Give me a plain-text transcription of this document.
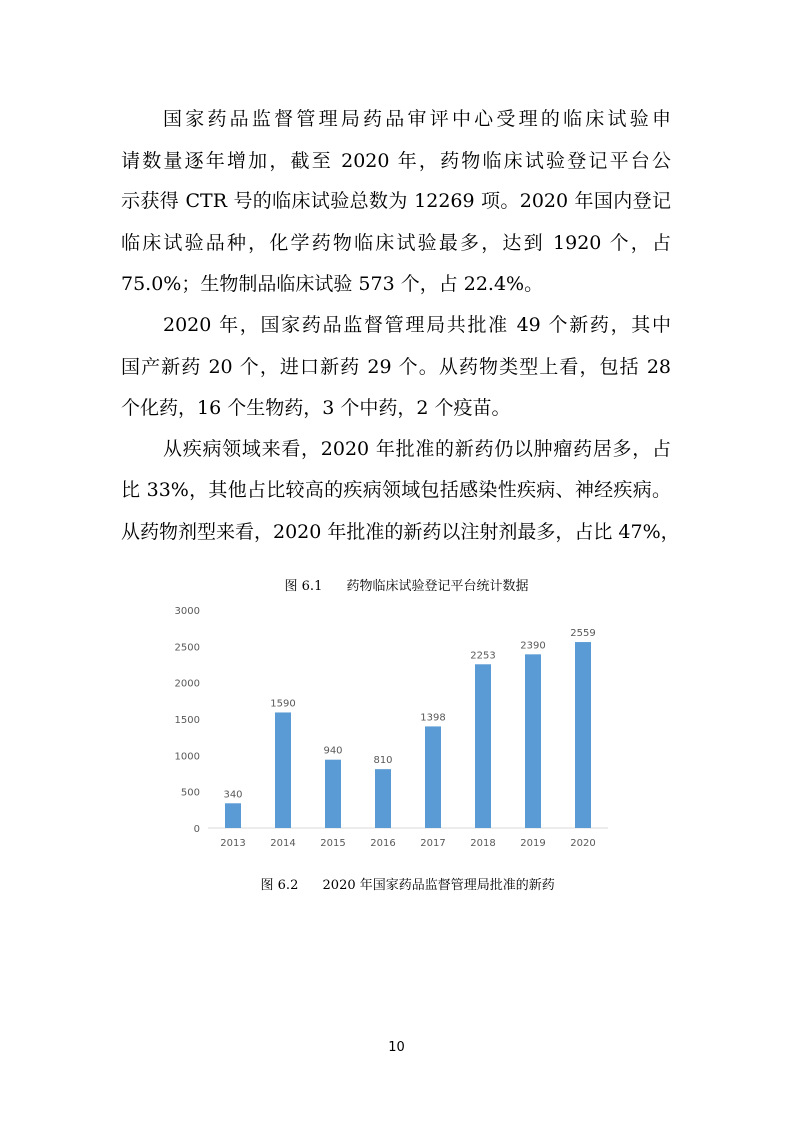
国家药品监督管理局药品审评中心受理的临床试验申
请数量逐年增加，截至 2020 年，药物临床试验登记平台公
示获得 CTR 号的临床试验总数为 12269 项。2020 年国内登记
临床试验品种，化学药物临床试验最多，达到 1920 个，占
75.0%；生物制品临床试验 573 个，占 22.4%。
2020 年，国家药品监督管理局共批准 49 个新药，其中
国产新药 20 个，进口新药 29 个。从药物类型上看，包括 28
个化药，16 个生物药，3 个中药，2 个疫苗。
从疾病领域来看，2020 年批准的新药仍以肿瘤药居多，占
比 33%，其他占比较高的疾病领域包括感染性疾病、神经疾病。
从药物剂型来看，2020 年批准的新药以注射剂最多，占比 47%，

图 6.1 药物临床试验登记平台统计数据

0
500
1000
1500
2000
2500
3000
340
2013
1590
2014
940
2015
810
2016
1398
2017
2253
2018
2390
2019
2559
2020

图 6.2 2020 年国家药品监督管理局批准的新药

10
